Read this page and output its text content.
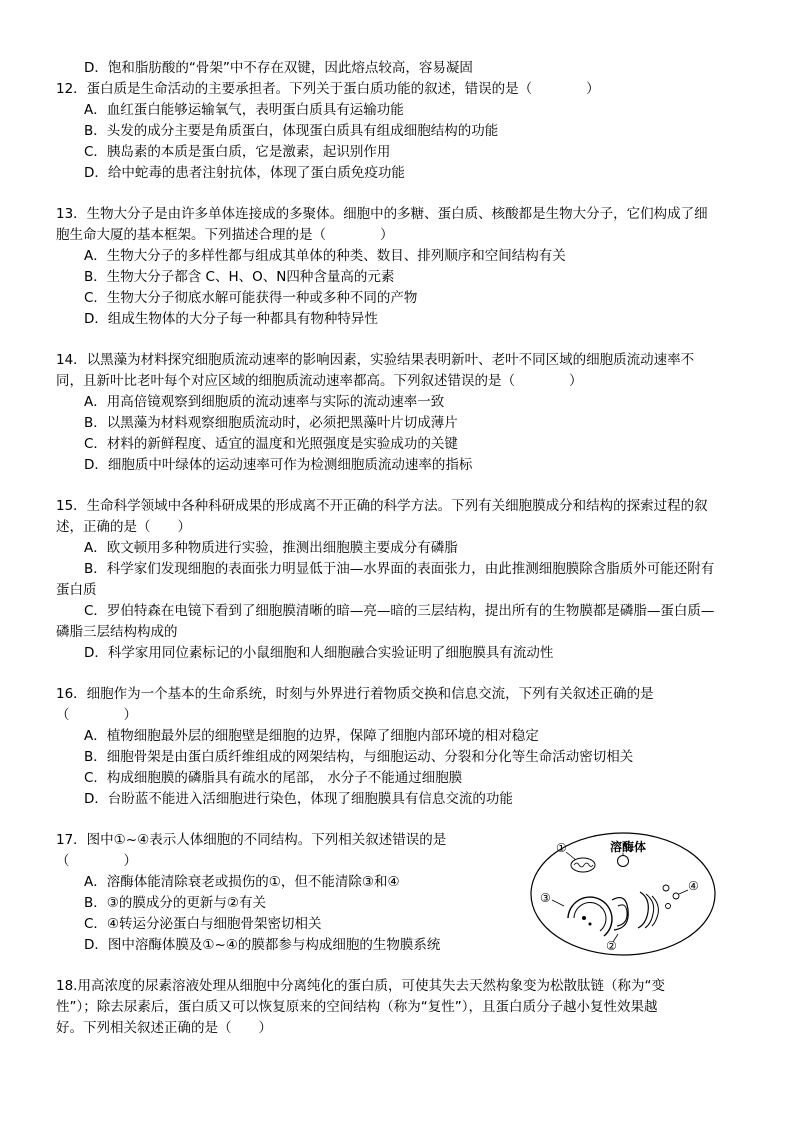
D．饱和脂肪酸的“骨架”中不存在双键，因此熔点较高，容易凝固
12．蛋白质是生命活动的主要承担者。下列关于蛋白质功能的叙述，错误的是（　　　　）
A．血红蛋白能够运输氧气，表明蛋白质具有运输功能
B．头发的成分主要是角质蛋白，体现蛋白质具有组成细胞结构的功能
C．胰岛素的本质是蛋白质，它是激素，起识别作用
D．给中蛇毒的患者注射抗体，体现了蛋白质免疫功能
13．生物大分子是由许多单体连接成的多聚体。细胞中的多糖、蛋白质、核酸都是生物大分子，它们构成了细
胞生命大厦的基本框架。下列描述合理的是（　　　　）
A．生物大分子的多样性都与组成其单体的种类、数目、排列顺序和空间结构有关
B．生物大分子都含 C、H、O、N四种含量高的元素
C．生物大分子彻底水解可能获得一种或多种不同的产物
D．组成生物体的大分子每一种都具有物种特异性
14．以黑藻为材料探究细胞质流动速率的影响因素，实验结果表明新叶、老叶不同区域的细胞质流动速率不
同，且新叶比老叶每个对应区域的细胞质流动速率都高。下列叙述错误的是（　　　　）
A．用高倍镜观察到细胞质的流动速率与实际的流动速率一致
B．以黑藻为材料观察细胞质流动时，必须把黑藻叶片切成薄片
C．材料的新鲜程度、适宜的温度和光照强度是实验成功的关键
D．细胞质中叶绿体的运动速率可作为检测细胞质流动速率的指标
15．生命科学领域中各种科研成果的形成离不开正确的科学方法。下列有关细胞膜成分和结构的探索过程的叙
述，正确的是（　　）
A．欧文顿用多种物质进行实验，推测出细胞膜主要成分有磷脂
B．科学家们发现细胞的表面张力明显低于油—水界面的表面张力，由此推测细胞膜除含脂质外可能还附有
蛋白质
C．罗伯特森在电镜下看到了细胞膜清晰的暗—亮—暗的三层结构，提出所有的生物膜都是磷脂—蛋白质—
磷脂三层结构构成的
D．科学家用同位素标记的小鼠细胞和人细胞融合实验证明了细胞膜具有流动性
16．细胞作为一个基本的生命系统，时刻与外界进行着物质交换和信息交流，下列有关叙述正确的是
（　　　　）
A．植物细胞最外层的细胞壁是细胞的边界，保障了细胞内部环境的相对稳定
B．细胞骨架是由蛋白质纤维组成的网架结构，与细胞运动、分裂和分化等生命活动密切相关
C．构成细胞膜的磷脂具有疏水的尾部， 水分子不能通过细胞膜
D．台盼蓝不能进入活细胞进行染色，体现了细胞膜具有信息交流的功能
17．图中①~④表示人体细胞的不同结构。下列相关叙述错误的是
（　　　　）
A．溶酶体能清除衰老或损伤的①，但不能清除③和④
B．③的膜成分的更新与②有关
C．④转运分泌蛋白与细胞骨架密切相关
D．图中溶酶体膜及①~④的膜都参与构成细胞的生物膜系统
溶酶体
①
③
②
④
18.用高浓度的尿素溶液处理从细胞中分离纯化的蛋白质，可使其失去天然构象变为松散肽链（称为“变
性”）；除去尿素后，蛋白质又可以恢复原来的空间结构（称为“复性”），且蛋白质分子越小复性效果越
好。下列相关叙述正确的是（　　）
